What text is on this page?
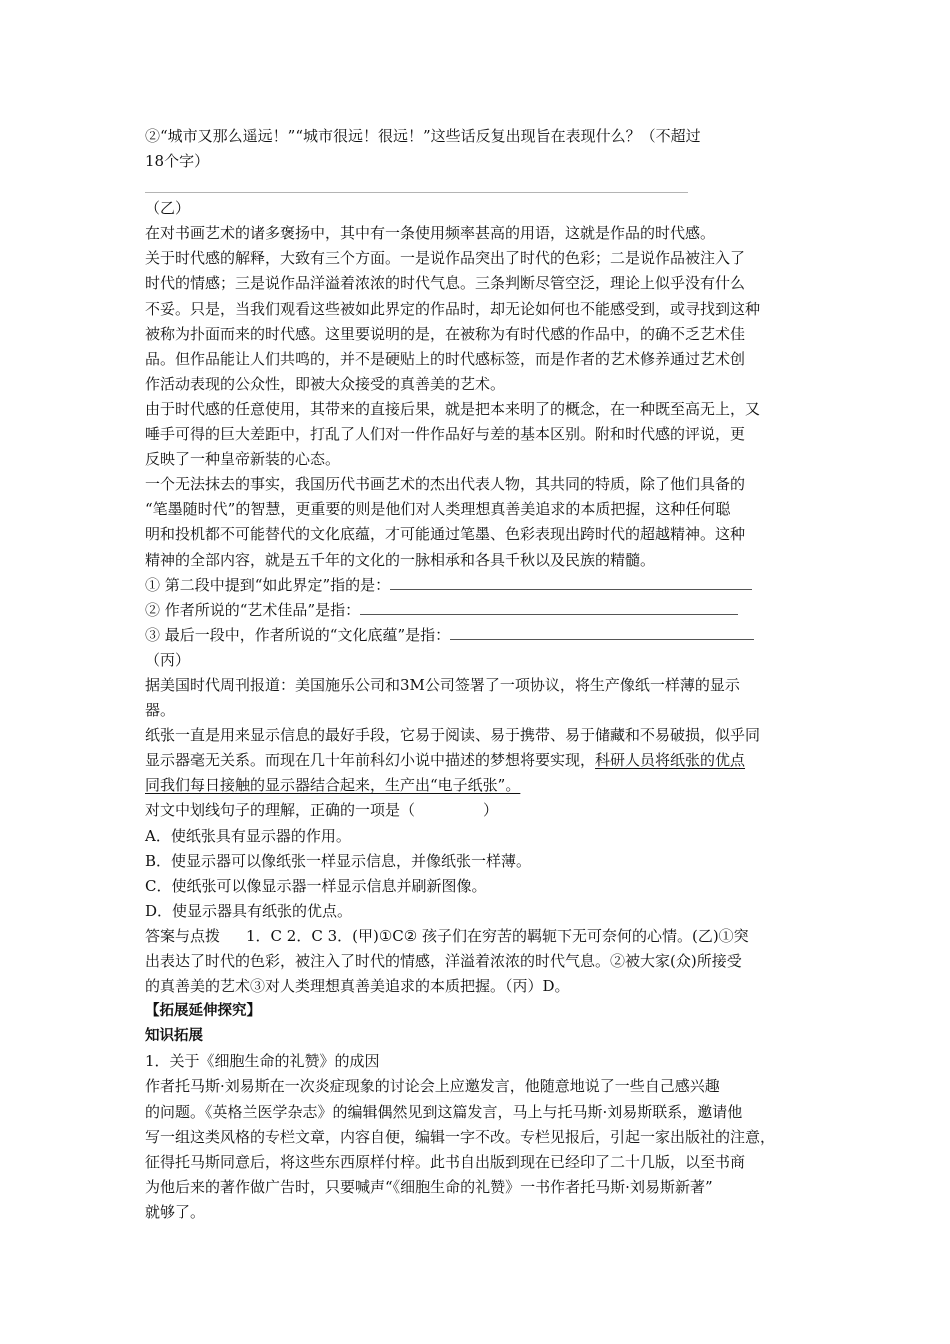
②“城市又那么遥远！”“城市很远！很远！”这些话反复出现旨在表现什么？（不超过
18个字）
（乙）
在对书画艺术的诸多褒扬中，其中有一条使用频率甚高的用语，这就是作品的时代感。
关于时代感的解释，大致有三个方面。一是说作品突出了时代的色彩；二是说作品被注入了
时代的情感；三是说作品洋溢着浓浓的时代气息。三条判断尽管空泛，理论上似乎没有什么
不妥。只是，当我们观看这些被如此界定的作品时，却无论如何也不能感受到，或寻找到这种
被称为扑面而来的时代感。这里要说明的是，在被称为有时代感的作品中，的确不乏艺术佳
品。但作品能让人们共鸣的，并不是硬贴上的时代感标签，而是作者的艺术修养通过艺术创
作活动表现的公众性，即被大众接受的真善美的艺术。
由于时代感的任意使用，其带来的直接后果，就是把本来明了的概念，在一种既至高无上，又
唾手可得的巨大差距中，打乱了人们对一件作品好与差的基本区别。附和时代感的评说，更
反映了一种皇帝新装的心态。
一个无法抹去的事实，我国历代书画艺术的杰出代表人物，其共同的特质，除了他们具备的
“笔墨随时代”的智慧，更重要的则是他们对人类理想真善美追求的本质把握，这种任何聪
明和投机都不可能替代的文化底蕴，才可能通过笔墨、色彩表现出跨时代的超越精神。这种
精神的全部内容，就是五千年的文化的一脉相承和各具千秋以及民族的精髓。
① 第二段中提到“如此界定”指的是：
② 作者所说的“艺术佳品”是指：
③ 最后一段中，作者所说的“文化底蕴”是指：
（丙）
据美国时代周刊报道：美国施乐公司和3M公司签署了一项协议，将生产像纸一样薄的显示
器。
纸张一直是用来显示信息的最好手段，它易于阅读、易于携带、易于储藏和不易破损，似乎同
显示器毫无关系。而现在几十年前科幻小说中描述的梦想将要实现，科研人员将纸张的优点
同我们每日接触的显示器结合起来，生产出“电子纸张”。
对文中划线句子的理解，正确的一项是（	）
A．使纸张具有显示器的作用。
B．使显示器可以像纸张一样显示信息，并像纸张一样薄。
C．使纸张可以像显示器一样显示信息并刷新图像。
D．使显示器具有纸张的优点。
答案与点拨 1．C 2．C 3．(甲)①C② 孩子们在穷苦的羁轭下无可奈何的心情。(乙)①突
出表达了时代的色彩，被注入了时代的情感，洋溢着浓浓的时代气息。②被大家(众)所接受
的真善美的艺术③对人类理想真善美追求的本质把握。（丙）D。
【拓展延伸探究】
知识拓展
1．关于《细胞生命的礼赞》的成因
作者托马斯·刘易斯在一次炎症现象的讨论会上应邀发言，他随意地说了一些自己感兴趣
的问题。《英格兰医学杂志》的编辑偶然见到这篇发言，马上与托马斯·刘易斯联系，邀请他
写一组这类风格的专栏文章，内容自便，编辑一字不改。专栏见报后，引起一家出版社的注意，
征得托马斯同意后，将这些东西原样付梓。此书自出版到现在已经印了二十几版，以至书商
为他后来的著作做广告时，只要喊声“《细胞生命的礼赞》一书作者托马斯·刘易斯新著”
就够了。
